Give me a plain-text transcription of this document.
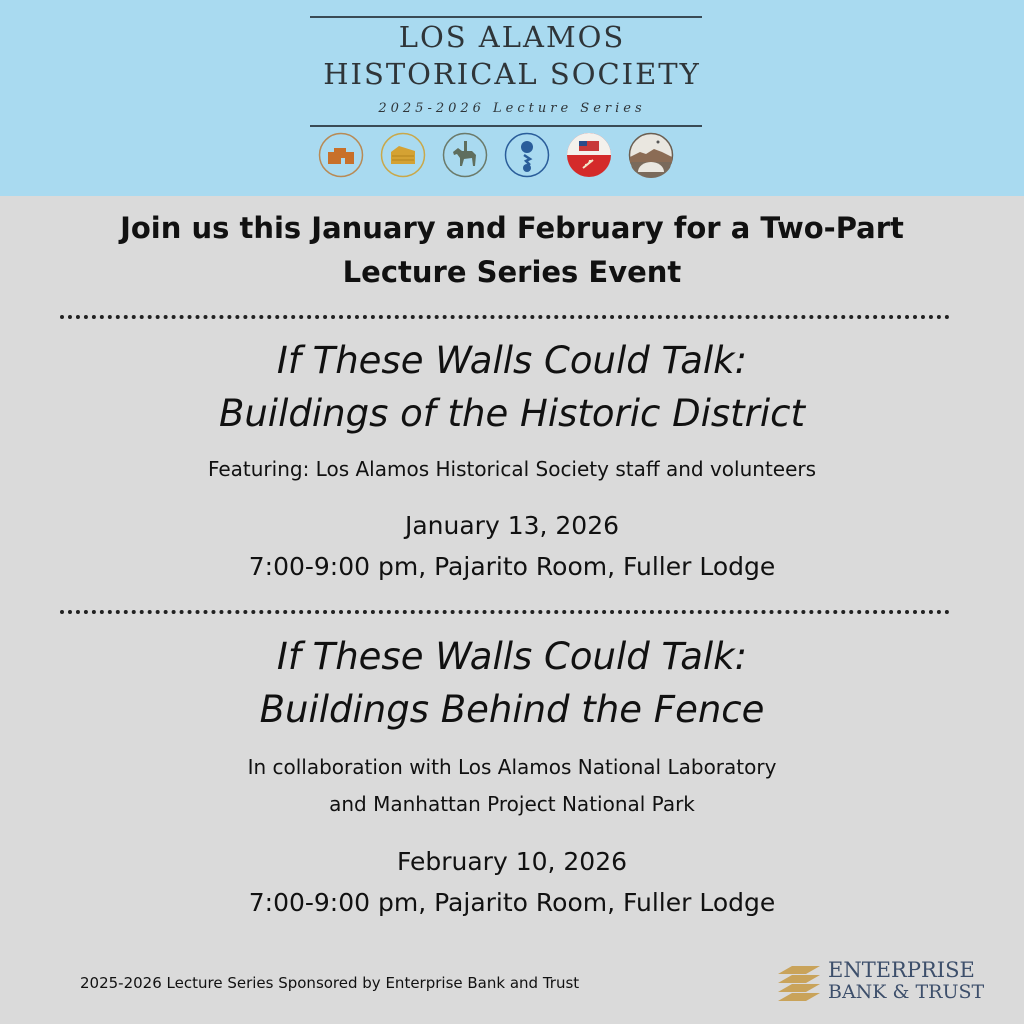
LOS ALAMOS
HISTORICAL SOCIETY
2025-2026 Lecture Series
Join us this January and February for a Two-Part
Lecture Series Event
If These Walls Could Talk:
Buildings of the Historic District
Featuring: Los Alamos Historical Society staff and volunteers
January 13, 2026
7:00-9:00 pm, Pajarito Room, Fuller Lodge
If These Walls Could Talk:
Buildings Behind the Fence
In collaboration with Los Alamos National Laboratory
and Manhattan Project National Park
February 10, 2026
7:00-9:00 pm, Pajarito Room, Fuller Lodge
2025-2026 Lecture Series Sponsored by Enterprise Bank and Trust
ENTERPRISE
BANK & TRUST
